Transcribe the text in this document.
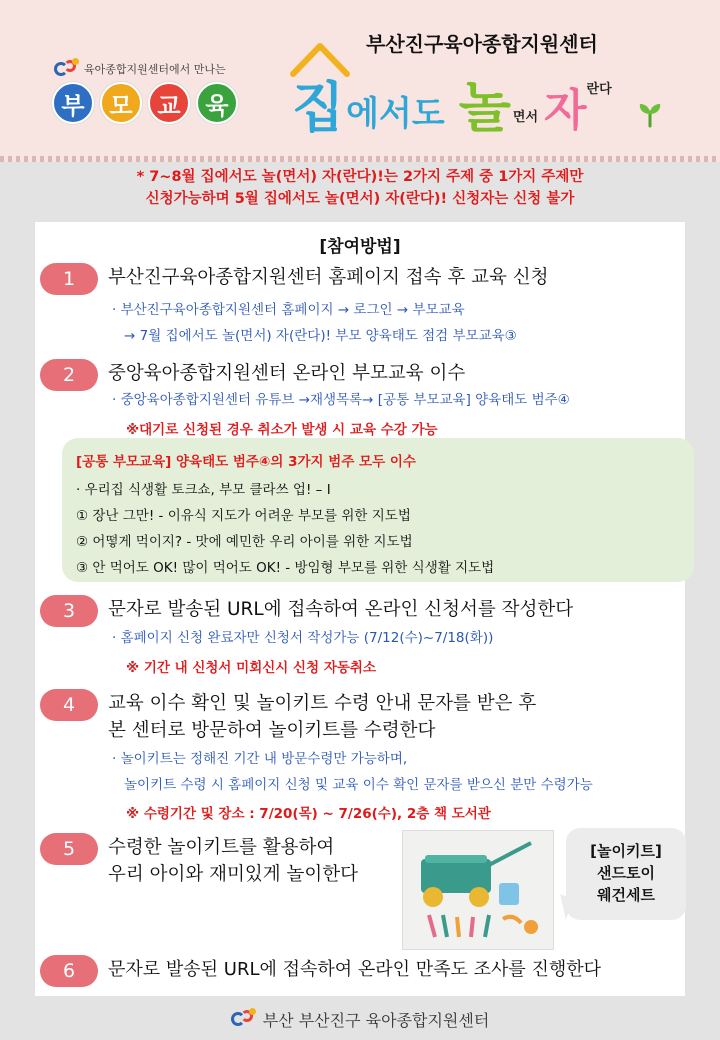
육아종합지원센터에서 만나는
부	모	교	육
부산진구육아종합지원센터
집 에서도 놀 면서 자 란다
* 7~8월 집에서도 놀(면서) 자(란다)!는 2가지 주제 중 1가지 주제만
신청가능하며 5월 집에서도 놀(면서) 자(란다)! 신청자는 신청 불가
[참여방법]
1	부산진구육아종합지원센터 홈페이지 접속 후 교육 신청
· 부산진구육아종합지원센터 홈페이지 → 로그인 → 부모교육
→ 7월 집에서도 놀(면서) 자(란다)! 부모 양육태도 점검 부모교육③
2	중앙육아종합지원센터 온라인 부모교육 이수
· 중앙육아종합지원센터 유튜브 →재생목록→ [공통 부모교육] 양육태도 범주④
※대기로 신청된 경우 취소가 발생 시 교육 수강 가능
[공통 부모교육] 양육태도 범주④의 3가지 범주 모두 이수
· 우리집 식생활 토크쇼, 부모 클라쓰 업! – Ⅰ
① 장난 그만! - 이유식 지도가 어려운 부모를 위한 지도법
② 어떻게 먹이지? - 맛에 예민한 우리 아이를 위한 지도법
③ 안 먹어도 OK! 많이 먹어도 OK! - 방임형 부모를 위한 식생활 지도법
3	문자로 발송된 URL에 접속하여 온라인 신청서를 작성한다
· 홈페이지 신청 완료자만 신청서 작성가능 (7/12(수)~7/18(화))
※ 기간 내 신청서 미회신시 신청 자동취소
4	교육 이수 확인 및 놀이키트 수령 안내 문자를 받은 후
본 센터로 방문하여 놀이키트를 수령한다
· 놀이키트는 정해진 기간 내 방문수령만 가능하며,
놀이키트 수령 시 홈페이지 신청 및 교육 이수 확인 문자를 받으신 분만 수령가능
※ 수령기간 및 장소 : 7/20(목) ~ 7/26(수), 2층 책 도서관
5	수령한 놀이키트를 활용하여
우리 아이와 재미있게 놀이한다
[놀이키트]
샌드토이
웨건세트
6	문자로 발송된 URL에 접속하여 온라인 만족도 조사를 진행한다
부산 부산진구 육아종합지원센터
